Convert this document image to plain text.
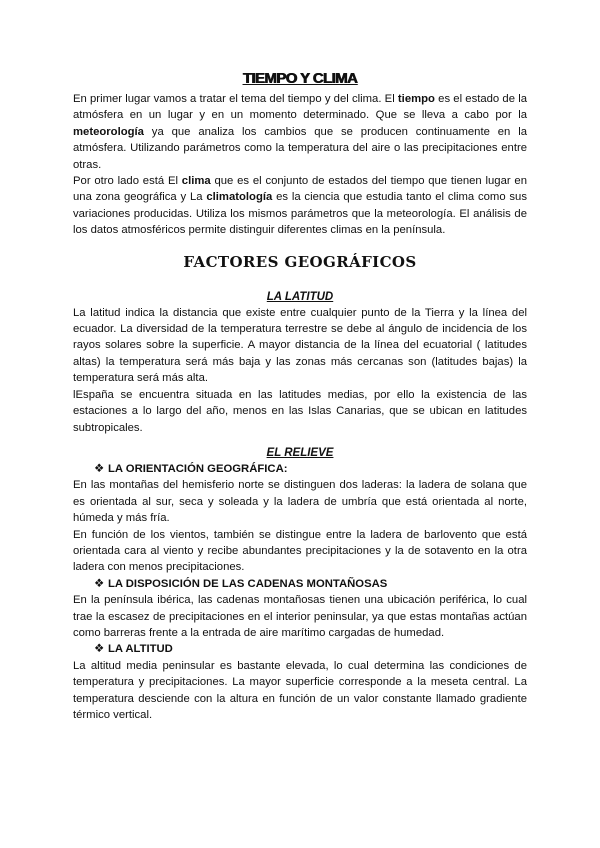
TIEMPO Y CLIMA

En primer lugar vamos a tratar el tema del tiempo y del clima. El tiempo es el estado de la atmósfera en un lugar y en un momento determinado. Que se lleva a cabo por la meteorología ya que analiza los cambios que se producen continuamente en la atmósfera. Utilizando parámetros como la temperatura del aire o las precipitaciones entre otras.

Por otro lado está El clima que es el conjunto de estados del tiempo que tienen lugar en una zona geográfica y La climatología es la ciencia que estudia tanto el clima como sus variaciones producidas. Utiliza los mismos parámetros que la meteorología. El análisis de los datos atmosféricos permite distinguir diferentes climas en la península.

FACTORES GEOGRÁFICOS
LA LATITUD

La latitud indica la distancia que existe entre cualquier punto de la Tierra y la línea del ecuador. La diversidad de la temperatura terrestre se debe al ángulo de incidencia de los rayos solares sobre la superficie. A mayor distancia de la línea del ecuatorial ( latitudes altas) la temperatura será más baja y las zonas más cercanas son (latitudes bajas) la temperatura será más alta.

lEspaña se encuentra situada en las latitudes medias, por ello la existencia de las estaciones a lo largo del año, menos en las Islas Canarias, que se ubican en latitudes subtropicales.

EL RELIEVE

❖ LA ORIENTACIÓN GEOGRÁFICA:

En las montañas del hemisferio norte se distinguen dos laderas: la ladera de solana que es orientada al sur, seca y soleada y la ladera de umbría que está orientada al norte, húmeda y más fría.

En función de los vientos, también se distingue entre la ladera de barlovento que está orientada cara al viento y recibe abundantes precipitaciones y la de sotavento en la otra ladera con menos precipitaciones.

❖ LA DISPOSICIÓN DE LAS CADENAS MONTAÑOSAS

En la península ibérica, las cadenas montañosas tienen una ubicación periférica, lo cual trae la escasez de precipitaciones en el interior peninsular, ya que estas montañas actúan como barreras frente a la entrada de aire marítimo cargadas de humedad.

❖ LA ALTITUD

La altitud media peninsular es bastante elevada, lo cual determina las condiciones de temperatura y precipitaciones. La mayor superficie corresponde a la meseta central. La temperatura desciende con la altura en función de un valor constante llamado gradiente térmico vertical.
